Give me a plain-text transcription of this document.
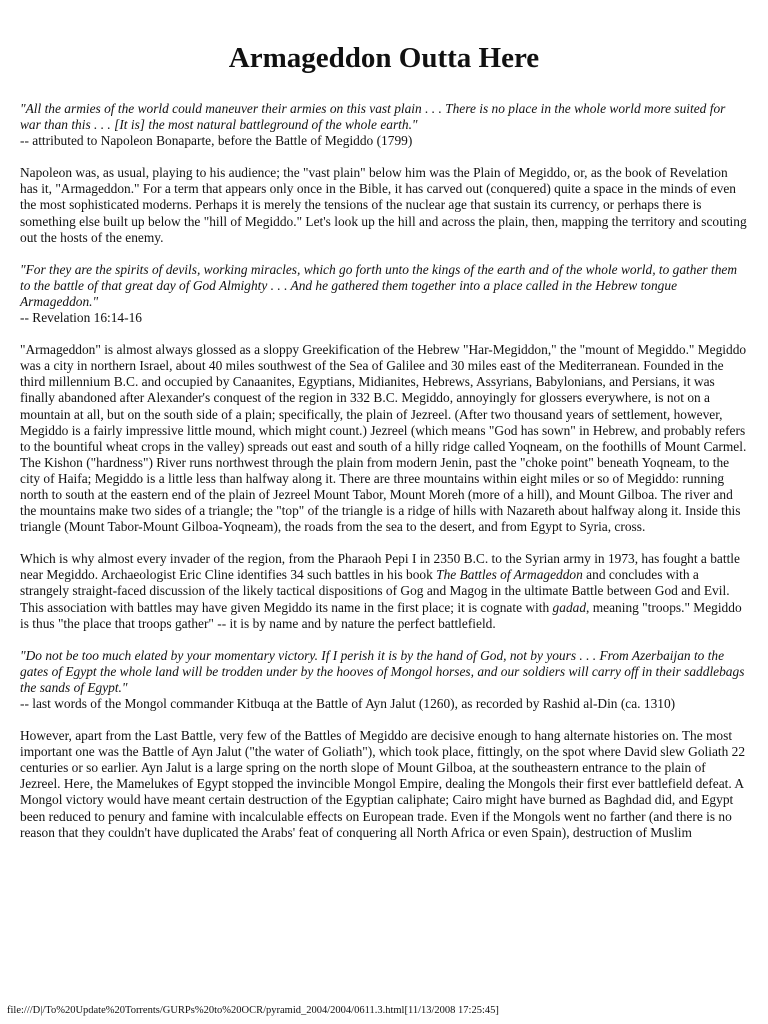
Armageddon Outta Here

"All the armies of the world could maneuver their armies on this vast plain . . . There is no place in the whole world more suited for war than this . . . [It is] the most natural battleground of the whole earth."
-- attributed to Napoleon Bonaparte, before the Battle of Megiddo (1799)

Napoleon was, as usual, playing to his audience; the "vast plain" below him was the Plain of Megiddo, or, as the book of Revelation has it, "Armageddon." For a term that appears only once in the Bible, it has carved out (conquered) quite a space in the minds of even the most sophisticated moderns. Perhaps it is merely the tensions of the nuclear age that sustain its currency, or perhaps there is something else built up below the "hill of Megiddo." Let's look up the hill and across the plain, then, mapping the territory and scouting out the hosts of the enemy.

"For they are the spirits of devils, working miracles, which go forth unto the kings of the earth and of the whole world, to gather them to the battle of that great day of God Almighty . . . And he gathered them together into a place called in the Hebrew tongue Armageddon."
-- Revelation 16:14-16

"Armageddon" is almost always glossed as a sloppy Greekification of the Hebrew "Har-Megiddon," the "mount of Megiddo." Megiddo was a city in northern Israel, about 40 miles southwest of the Sea of Galilee and 30 miles east of the Mediterranean. Founded in the third millennium B.C. and occupied by Canaanites, Egyptians, Midianites, Hebrews, Assyrians, Babylonians, and Persians, it was finally abandoned after Alexander's conquest of the region in 332 B.C. Megiddo, annoyingly for glossers everywhere, is not on a mountain at all, but on the south side of a plain; specifically, the plain of Jezreel. (After two thousand years of settlement, however, Megiddo is a fairly impressive little mound, which might count.) Jezreel (which means "God has sown" in Hebrew, and probably refers to the bountiful wheat crops in the valley) spreads out east and south of a hilly ridge called Yoqneam, on the foothills of Mount Carmel. The Kishon ("hardness") River runs northwest through the plain from modern Jenin, past the "choke point" beneath Yoqneam, to the city of Haifa; Megiddo is a little less than halfway along it. There are three mountains within eight miles or so of Megiddo: running north to south at the eastern end of the plain of Jezreel Mount Tabor, Mount Moreh (more of a hill), and Mount Gilboa. The river and the mountains make two sides of a triangle; the "top" of the triangle is a ridge of hills with Nazareth about halfway along it. Inside this triangle (Mount Tabor-Mount Gilboa-Yoqneam), the roads from the sea to the desert, and from Egypt to Syria, cross.

Which is why almost every invader of the region, from the Pharaoh Pepi I in 2350 B.C. to the Syrian army in 1973, has fought a battle near Megiddo. Archaeologist Eric Cline identifies 34 such battles in his book The Battles of Armageddon and concludes with a strangely straight-faced discussion of the likely tactical dispositions of Gog and Magog in the ultimate Battle between God and Evil. This association with battles may have given Megiddo its name in the first place; it is cognate with gadad, meaning "troops." Megiddo is thus "the place that troops gather" -- it is by name and by nature the perfect battlefield.

"Do not be too much elated by your momentary victory. If I perish it is by the hand of God, not by yours . . . From Azerbaijan to the gates of Egypt the whole land will be trodden under by the hooves of Mongol horses, and our soldiers will carry off in their saddlebags the sands of Egypt."
-- last words of the Mongol commander Kitbuqa at the Battle of Ayn Jalut (1260), as recorded by Rashid al-Din (ca. 1310)

However, apart from the Last Battle, very few of the Battles of Megiddo are decisive enough to hang alternate histories on. The most important one was the Battle of Ayn Jalut ("the water of Goliath"), which took place, fittingly, on the spot where David slew Goliath 22 centuries or so earlier. Ayn Jalut is a large spring on the north slope of Mount Gilboa, at the southeastern entrance to the plain of Jezreel. Here, the Mamelukes of Egypt stopped the invincible Mongol Empire, dealing the Mongols their first ever battlefield defeat. A Mongol victory would have meant certain destruction of the Egyptian caliphate; Cairo might have burned as Baghdad did, and Egypt been reduced to penury and famine with incalculable effects on European trade. Even if the Mongols went no farther (and there is no reason that they couldn't have duplicated the Arabs' feat of conquering all North Africa or even Spain), destruction of Muslim

file:///D|/To%20Update%20Torrents/GURPs%20to%20OCR/pyramid_2004/2004/0611.3.html[11/13/2008 17:25:45]
